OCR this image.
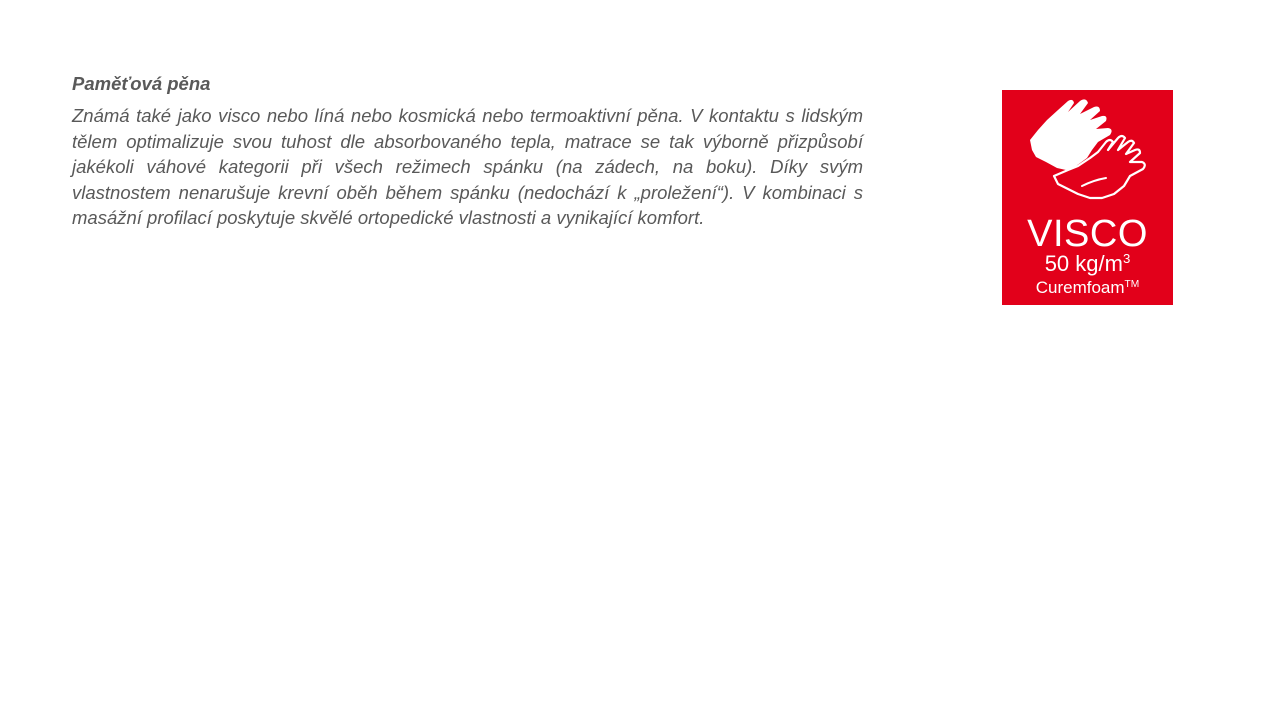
Paměťová pěna

Známá také jako visco nebo líná nebo kosmická nebo termoaktivní pěna. V kontaktu s lidským tělem optimalizuje svou tuhost dle absorbovaného tepla, matrace se tak výborně přizpůsobí jakékoli váhové kategorii při všech režimech spánku (na zádech, na boku). Díky svým vlastnostem nenarušuje krevní oběh během spánku (nedochází k „proležení“). V kombinaci s masážní profilací poskytuje skvělé ortopedické vlastnosti a vynikající komfort.	VISCO
50 $kg/m^3$
Curemfoam™
